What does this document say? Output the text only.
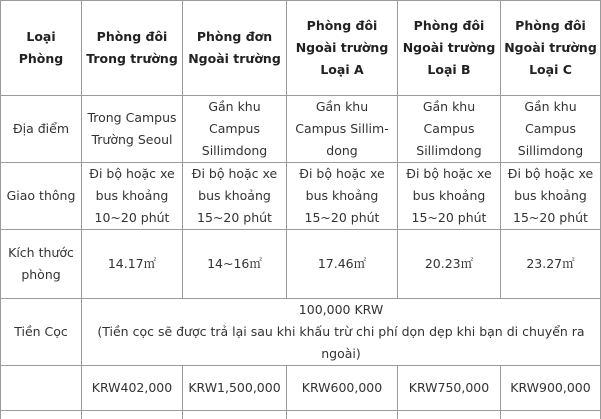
Loại Phòng	Phòng đôi Trong trường	Phòng đơn Ngoài trường	Phòng đôi Ngoài trường Loại A	Phòng đôi Ngoài trường Loại B	Phòng đôi Ngoài trường Loại C
Địa điểm	Trong Campus Trường Seoul	Gần khu Campus Sillimdong	Gần khu Campus Sillim-dong	Gần khu Campus Sillimdong	Gần khu Campus Sillimdong
Giao thông	Đi bộ hoặc xe bus khoảng 10~20 phút	Đi bộ hoặc xe bus khoảng 15~20 phút	Đi bộ hoặc xe bus khoảng 15~20 phút	Đi bộ hoặc xe bus khoảng 15~20 phút	Đi bộ hoặc xe bus khoảng 15~20 phút
Kích thước phòng	14.17㎡	14~16㎡	17.46㎡	20.23㎡	23.27㎡
Tiền Cọc	100,000 KRW
(Tiền cọc sẽ được trả lại sau khi khấu trừ chi phí dọn dẹp khi bạn di chuyển ra ngoài)				

	KRW402,000	KRW1,500,000	KRW600,000	KRW750,000	KRW900,000
